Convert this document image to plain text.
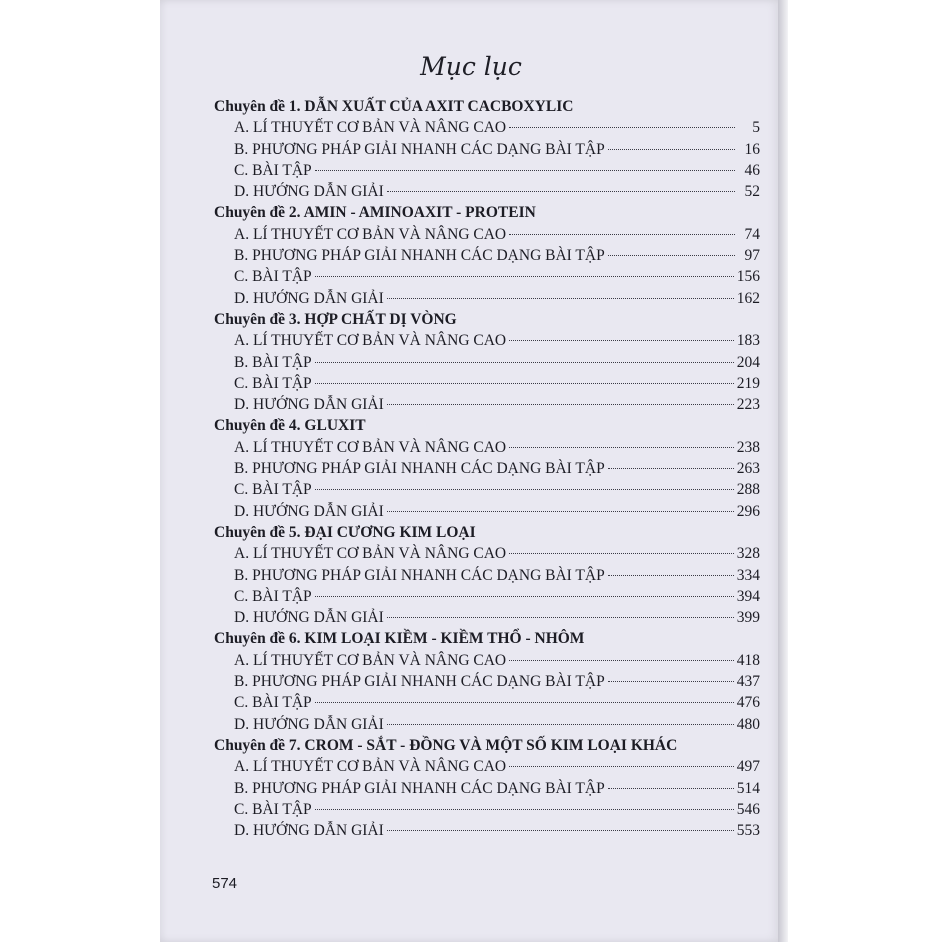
Mục lục
Chuyên đề 1. DẪN XUẤT CỦA AXIT CACBOXYLIC
A. LÍ THUYẾT CƠ BẢN VÀ NÂNG CAO	5
B. PHƯƠNG PHÁP GIẢI NHANH CÁC DẠNG BÀI TẬP	16
C. BÀI TẬP	46
D. HƯỚNG DẪN GIẢI	52
Chuyên đề 2. AMIN - AMINOAXIT - PROTEIN
A. LÍ THUYẾT CƠ BẢN VÀ NÂNG CAO	74
B. PHƯƠNG PHÁP GIẢI NHANH CÁC DẠNG BÀI TẬP	97
C. BÀI TẬP	156
D. HƯỚNG DẪN GIẢI	162
Chuyên đề 3. HỢP CHẤT DỊ VÒNG
A. LÍ THUYẾT CƠ BẢN VÀ NÂNG CAO	183
B. BÀI TẬP	204
C. BÀI TẬP	219
D. HƯỚNG DẪN GIẢI	223
Chuyên đề 4. GLUXIT
A. LÍ THUYẾT CƠ BẢN VÀ NÂNG CAO	238
B. PHƯƠNG PHÁP GIẢI NHANH CÁC DẠNG BÀI TẬP	263
C. BÀI TẬP	288
D. HƯỚNG DẪN GIẢI	296
Chuyên đề 5. ĐẠI CƯƠNG KIM LOẠI
A. LÍ THUYẾT CƠ BẢN VÀ NÂNG CAO	328
B. PHƯƠNG PHÁP GIẢI NHANH CÁC DẠNG BÀI TẬP	334
C. BÀI TẬP	394
D. HƯỚNG DẪN GIẢI	399
Chuyên đề 6. KIM LOẠI KIỀM - KIỀM THỔ - NHÔM
A. LÍ THUYẾT CƠ BẢN VÀ NÂNG CAO	418
B. PHƯƠNG PHÁP GIẢI NHANH CÁC DẠNG BÀI TẬP	437
C. BÀI TẬP	476
D. HƯỚNG DẪN GIẢI	480
Chuyên đề 7. CROM - SẮT - ĐỒNG VÀ MỘT SỐ KIM LOẠI KHÁC
A. LÍ THUYẾT CƠ BẢN VÀ NÂNG CAO	497
B. PHƯƠNG PHÁP GIẢI NHANH CÁC DẠNG BÀI TẬP	514
C. BÀI TẬP	546
D. HƯỚNG DẪN GIẢI	553
574
